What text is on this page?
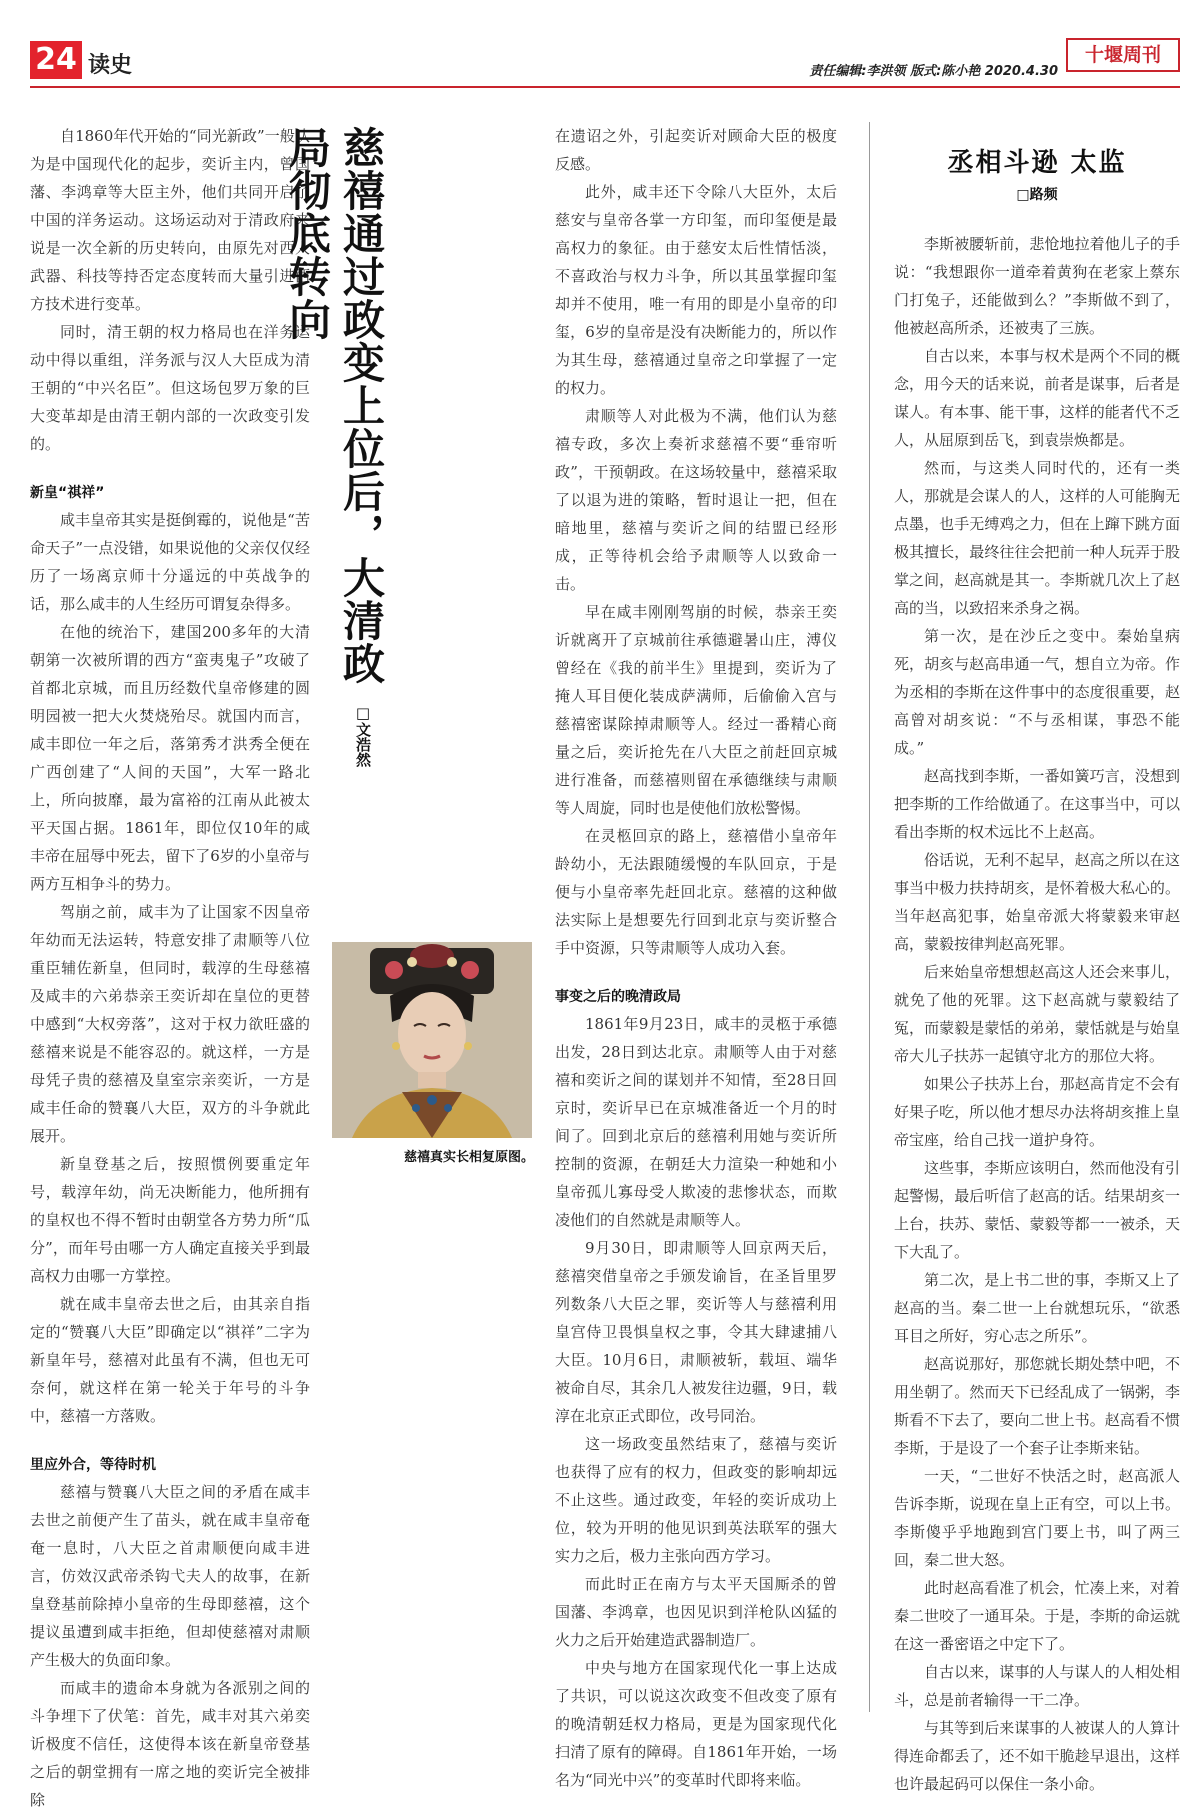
24 读史	责任编辑:李洪领 版式:陈小艳 2020.4.30
十堰周刊

自1860年代开始的“同光新政”一般认为是中国现代化的起步，奕䜣主内，曾国藩、李鸿章等大臣主外，他们共同开启了中国的洋务运动。这场运动对于清政府来说是一次全新的历史转向，由原先对西人武器、科技等持否定态度转而大量引进西方技术进行变革。

同时，清王朝的权力格局也在洋务运动中得以重组，洋务派与汉人大臣成为清王朝的“中兴名臣”。但这场包罗万象的巨大变革却是由清王朝内部的一次政变引发的。

新皇“祺祥”

咸丰皇帝其实是挺倒霉的，说他是“苦命天子”一点没错，如果说他的父亲仅仅经历了一场离京师十分遥远的中英战争的话，那么咸丰的人生经历可谓复杂得多。

在他的统治下，建国200多年的大清朝第一次被所谓的西方“蛮夷鬼子”攻破了首都北京城，而且历经数代皇帝修建的圆明园被一把大火焚烧殆尽。就国内而言，咸丰即位一年之后，落第秀才洪秀全便在广西创建了“人间的天国”，大军一路北上，所向披靡，最为富裕的江南从此被太平天国占据。1861年，即位仅10年的咸丰帝在屈辱中死去，留下了6岁的小皇帝与两方互相争斗的势力。

驾崩之前，咸丰为了让国家不因皇帝年幼而无法运转，特意安排了肃顺等八位重臣辅佐新皇，但同时，载淳的生母慈禧及咸丰的六弟恭亲王奕䜣却在皇位的更替中感到“大权旁落”，这对于权力欲旺盛的慈禧来说是不能容忍的。就这样，一方是母凭子贵的慈禧及皇室宗亲奕䜣，一方是咸丰任命的赞襄八大臣，双方的斗争就此展开。

新皇登基之后，按照惯例要重定年号，载淳年幼，尚无决断能力，他所拥有的皇权也不得不暂时由朝堂各方势力所“瓜分”，而年号由哪一方人确定直接关乎到最高权力由哪一方掌控。

就在咸丰皇帝去世之后，由其亲自指定的“赞襄八大臣”即确定以“祺祥”二字为新皇年号，慈禧对此虽有不满，但也无可奈何，就这样在第一轮关于年号的斗争中，慈禧一方落败。

里应外合，等待时机

慈禧与赞襄八大臣之间的矛盾在咸丰去世之前便产生了苗头，就在咸丰皇帝奄奄一息时，八大臣之首肃顺便向咸丰进言，仿效汉武帝杀钩弋夫人的故事，在新皇登基前除掉小皇帝的生母即慈禧，这个提议虽遭到咸丰拒绝，但却使慈禧对肃顺产生极大的负面印象。

而咸丰的遗命本身就为各派别之间的斗争埋下了伏笔：首先，咸丰对其六弟奕䜣极度不信任，这使得本该在新皇帝登基之后的朝堂拥有一席之地的奕䜣完全被排除

慈禧通过政变上位后，大清政局彻底转向
□文浩然
慈禧真实长相复原图。

在遗诏之外，引起奕䜣对顾命大臣的极度反感。

此外，咸丰还下令除八大臣外，太后慈安与皇帝各掌一方印玺，而印玺便是最高权力的象征。由于慈安太后性情恬淡，不喜政治与权力斗争，所以其虽掌握印玺却并不使用，唯一有用的即是小皇帝的印玺，6岁的皇帝是没有决断能力的，所以作为其生母，慈禧通过皇帝之印掌握了一定的权力。

肃顺等人对此极为不满，他们认为慈禧专政，多次上奏祈求慈禧不要“垂帘听政”，干预朝政。在这场较量中，慈禧采取了以退为进的策略，暂时退让一把，但在暗地里，慈禧与奕䜣之间的结盟已经形成，正等待机会给予肃顺等人以致命一击。

早在咸丰刚刚驾崩的时候，恭亲王奕䜣就离开了京城前往承德避暑山庄，溥仪曾经在《我的前半生》里提到，奕䜣为了掩人耳目便化装成萨满师，后偷偷入宫与慈禧密谋除掉肃顺等人。经过一番精心商量之后，奕䜣抢先在八大臣之前赶回京城进行准备，而慈禧则留在承德继续与肃顺等人周旋，同时也是使他们放松警惕。

在灵柩回京的路上，慈禧借小皇帝年龄幼小，无法跟随缓慢的车队回京，于是便与小皇帝率先赶回北京。慈禧的这种做法实际上是想要先行回到北京与奕䜣整合手中资源，只等肃顺等人成功入套。

事变之后的晚清政局

1861年9月23日，咸丰的灵柩于承德出发，28日到达北京。肃顺等人由于对慈禧和奕䜣之间的谋划并不知情，至28日回京时，奕䜣早已在京城准备近一个月的时间了。回到北京后的慈禧利用她与奕䜣所控制的资源，在朝廷大力渲染一种她和小皇帝孤儿寡母受人欺凌的悲惨状态，而欺凌他们的自然就是肃顺等人。

9月30日，即肃顺等人回京两天后，慈禧突借皇帝之手颁发谕旨，在圣旨里罗列数条八大臣之罪，奕䜣等人与慈禧利用皇宫侍卫畏惧皇权之事，令其大肆逮捕八大臣。10月6日，肃顺被斩，载垣、端华被命自尽，其余几人被发往边疆，9日，载淳在北京正式即位，改号同治。

这一场政变虽然结束了，慈禧与奕䜣也获得了应有的权力，但政变的影响却远不止这些。通过政变，年轻的奕䜣成功上位，较为开明的他见识到英法联军的强大实力之后，极力主张向西方学习。

而此时正在南方与太平天国厮杀的曾国藩、李鸿章，也因见识到洋枪队凶猛的火力之后开始建造武器制造厂。

中央与地方在国家现代化一事上达成了共识，可以说这次政变不但改变了原有的晚清朝廷权力格局，更是为国家现代化扫清了原有的障碍。自1861年开始，一场名为“同光中兴”的变革时代即将来临。

丞相斗逊 太监
□路频

李斯被腰斩前，悲怆地拉着他儿子的手说：“我想跟你一道牵着黄狗在老家上蔡东门打兔子，还能做到么？”李斯做不到了，他被赵高所杀，还被夷了三族。

自古以来，本事与权术是两个不同的概念，用今天的话来说，前者是谋事，后者是谋人。有本事、能干事，这样的能者代不乏人，从屈原到岳飞，到袁崇焕都是。

然而，与这类人同时代的，还有一类人，那就是会谋人的人，这样的人可能胸无点墨，也手无缚鸡之力，但在上蹿下跳方面极其擅长，最终往往会把前一种人玩弄于股掌之间，赵高就是其一。李斯就几次上了赵高的当，以致招来杀身之祸。

第一次，是在沙丘之变中。秦始皇病死，胡亥与赵高串通一气，想自立为帝。作为丞相的李斯在这件事中的态度很重要，赵高曾对胡亥说：“不与丞相谋，事恐不能成。”

赵高找到李斯，一番如簧巧言，没想到把李斯的工作给做通了。在这事当中，可以看出李斯的权术远比不上赵高。

俗话说，无利不起早，赵高之所以在这事当中极力扶持胡亥，是怀着极大私心的。当年赵高犯事，始皇帝派大将蒙毅来审赵高，蒙毅按律判赵高死罪。

后来始皇帝想想赵高这人还会来事儿，就免了他的死罪。这下赵高就与蒙毅结了冤，而蒙毅是蒙恬的弟弟，蒙恬就是与始皇帝大儿子扶苏一起镇守北方的那位大将。

如果公子扶苏上台，那赵高肯定不会有好果子吃，所以他才想尽办法将胡亥推上皇帝宝座，给自己找一道护身符。

这些事，李斯应该明白，然而他没有引起警惕，最后听信了赵高的话。结果胡亥一上台，扶苏、蒙恬、蒙毅等都一一被杀，天下大乱了。

第二次，是上书二世的事，李斯又上了赵高的当。秦二世一上台就想玩乐，“欲悉耳目之所好，穷心志之所乐”。

赵高说那好，那您就长期处禁中吧，不用坐朝了。然而天下已经乱成了一锅粥，李斯看不下去了，要向二世上书。赵高看不惯李斯，于是设了一个套子让李斯来钻。

一天，“二世好不快活之时，赵高派人告诉李斯，说现在皇上正有空，可以上书。李斯傻乎乎地跑到宫门要上书，叫了两三回，秦二世大怒。

此时赵高看准了机会，忙凑上来，对着秦二世咬了一通耳朵。于是，李斯的命运就在这一番密语之中定下了。

自古以来，谋事的人与谋人的人相处相斗，总是前者输得一干二净。

与其等到后来谋事的人被谋人的人算计得连命都丢了，还不如干脆趁早退出，这样也许最起码可以保住一条小命。
